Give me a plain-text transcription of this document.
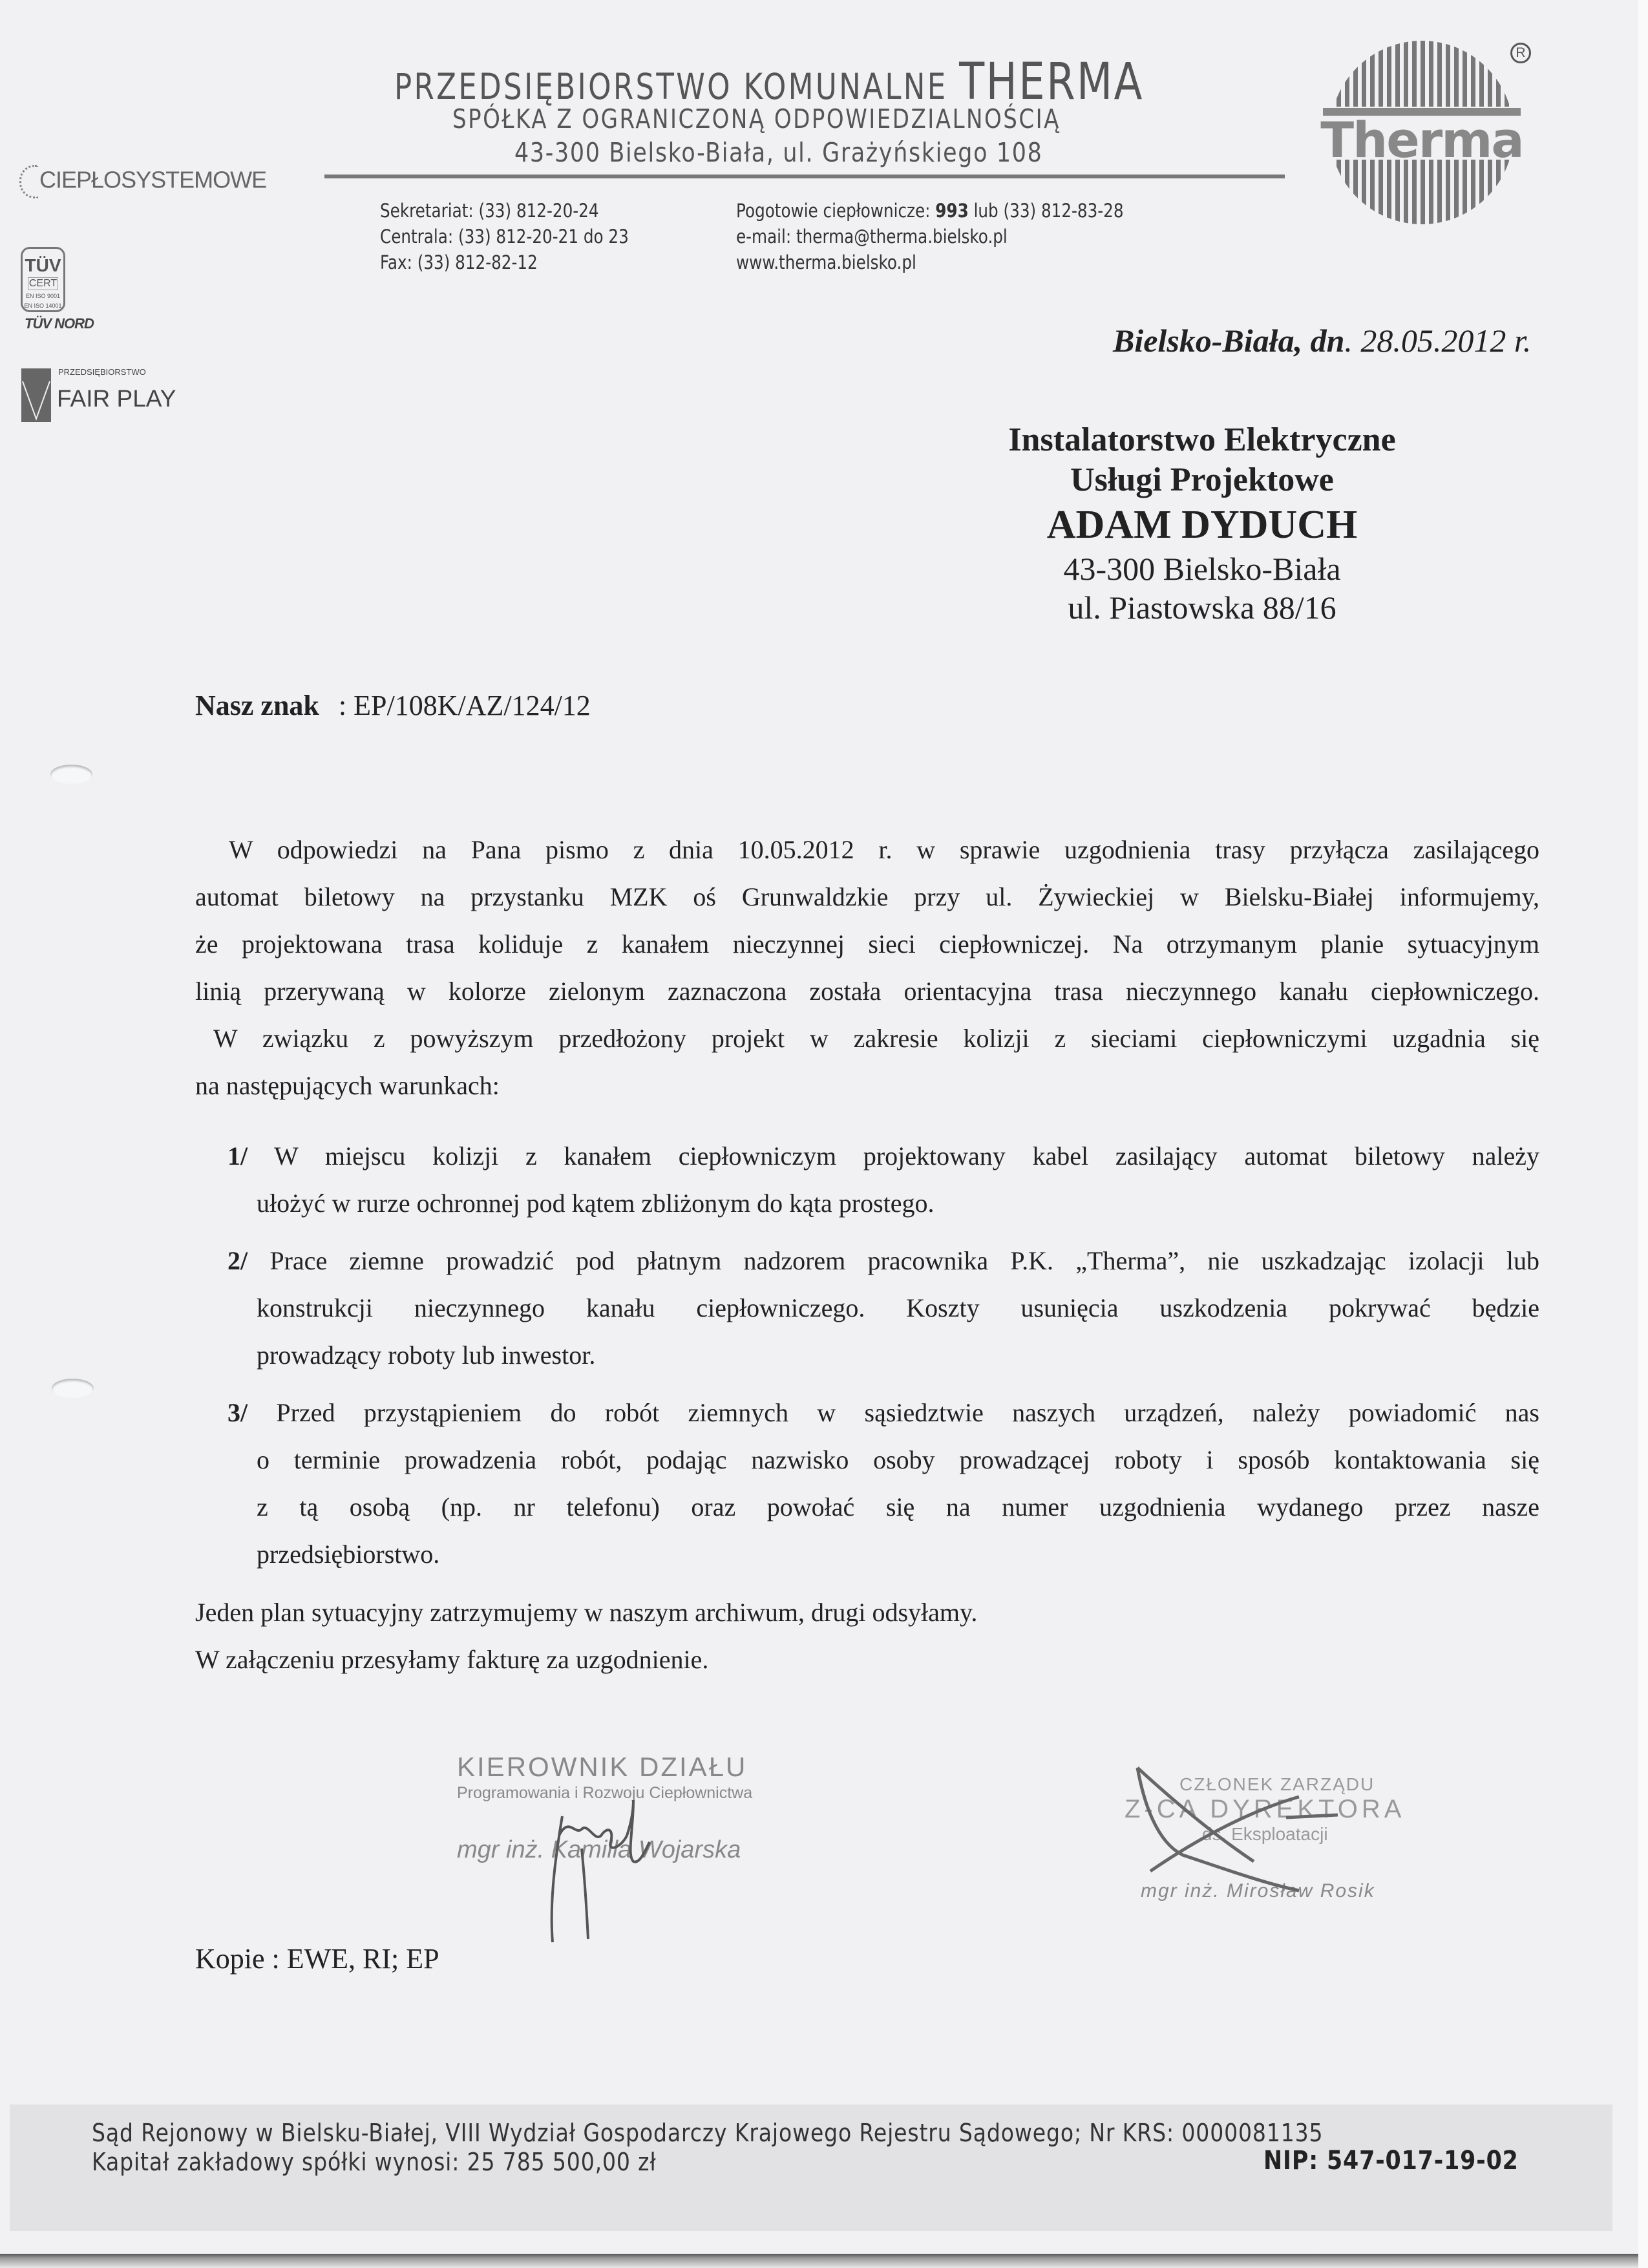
PRZEDSIĘBIORSTWO KOMUNALNE THERMA
SPÓŁKA Z OGRANICZONĄ ODPOWIEDZIALNOŚCIĄ
43-300 Bielsko-Biała, ul. Grażyńskiego 108
Sekretariat: (33) 812-20-24
Centrala: (33) 812-20-21 do 23
Fax: (33) 812-82-12
Pogotowie ciepłownicze: 993 lub (33) 812-83-28
e-mail: therma@therma.bielsko.pl
www.therma.bielsko.pl
Therma
R
CIEPŁOSYSTEMOWE
TÜV
CERT
EN ISO 9001
EN ISO 14001
TÜV NORD
PRZEDSIĘBIORSTWO
FAIR PLAY
Bielsko-Biała, dn. 28.05.2012 r.
Instalatorstwo Elektryczne
Usługi Projektowe
ADAM DYDUCH
43-300 Bielsko-Biała
ul. Piastowska 88/16
Nasz znak : EP/108K/AZ/124/12
W odpowiedzi na Pana pismo z dnia 10.05.2012 r. w sprawie uzgodnienia trasy przyłącza zasilającego
automat biletowy na przystanku MZK oś Grunwaldzkie przy ul. Żywieckiej w Bielsku-Białej informujemy,
że projektowana trasa koliduje z kanałem nieczynnej sieci ciepłowniczej. Na otrzymanym planie sytuacyjnym
linią przerywaną w kolorze zielonym zaznaczona została orientacyjna trasa nieczynnego kanału ciepłowniczego.
W związku z powyższym przedłożony projekt w zakresie kolizji z sieciami ciepłowniczymi uzgadnia się
na następujących warunkach:
1/ W miejscu kolizji z kanałem ciepłowniczym projektowany kabel zasilający automat biletowy należy
ułożyć w rurze ochronnej pod kątem zbliżonym do kąta prostego.
2/ Prace ziemne prowadzić pod płatnym nadzorem pracownika P.K. „Therma”, nie uszkadzając izolacji lub
konstrukcji nieczynnego kanału ciepłowniczego. Koszty usunięcia uszkodzenia pokrywać będzie
prowadzący roboty lub inwestor.
3/ Przed przystąpieniem do robót ziemnych w sąsiedztwie naszych urządzeń, należy powiadomić nas
o terminie prowadzenia robót, podając nazwisko osoby prowadzącej roboty i sposób kontaktowania się
z tą osobą (np. nr telefonu) oraz powołać się na numer uzgodnienia wydanego przez nasze
przedsiębiorstwo.
Jeden plan sytuacyjny zatrzymujemy w naszym archiwum, drugi odsyłamy.
W załączeniu przesyłamy fakturę za uzgodnienie.
KIEROWNIK DZIAŁU
Programowania i Rozwoju Ciepłownictwa
mgr inż. Kamilla Wojarska
CZŁONEK ZARZĄDU
Z-CA DYREKTORA
ds. Eksploatacji
mgr inż. Mirosław Rosik
Kopie : EWE, RI; EP
Sąd Rejonowy w Bielsku-Białej, VIII Wydział Gospodarczy Krajowego Rejestru Sądowego; Nr KRS: 0000081135
Kapitał zakładowy spółki wynosi: 25 785 500,00 zł	NIP: 547-017-19-02
